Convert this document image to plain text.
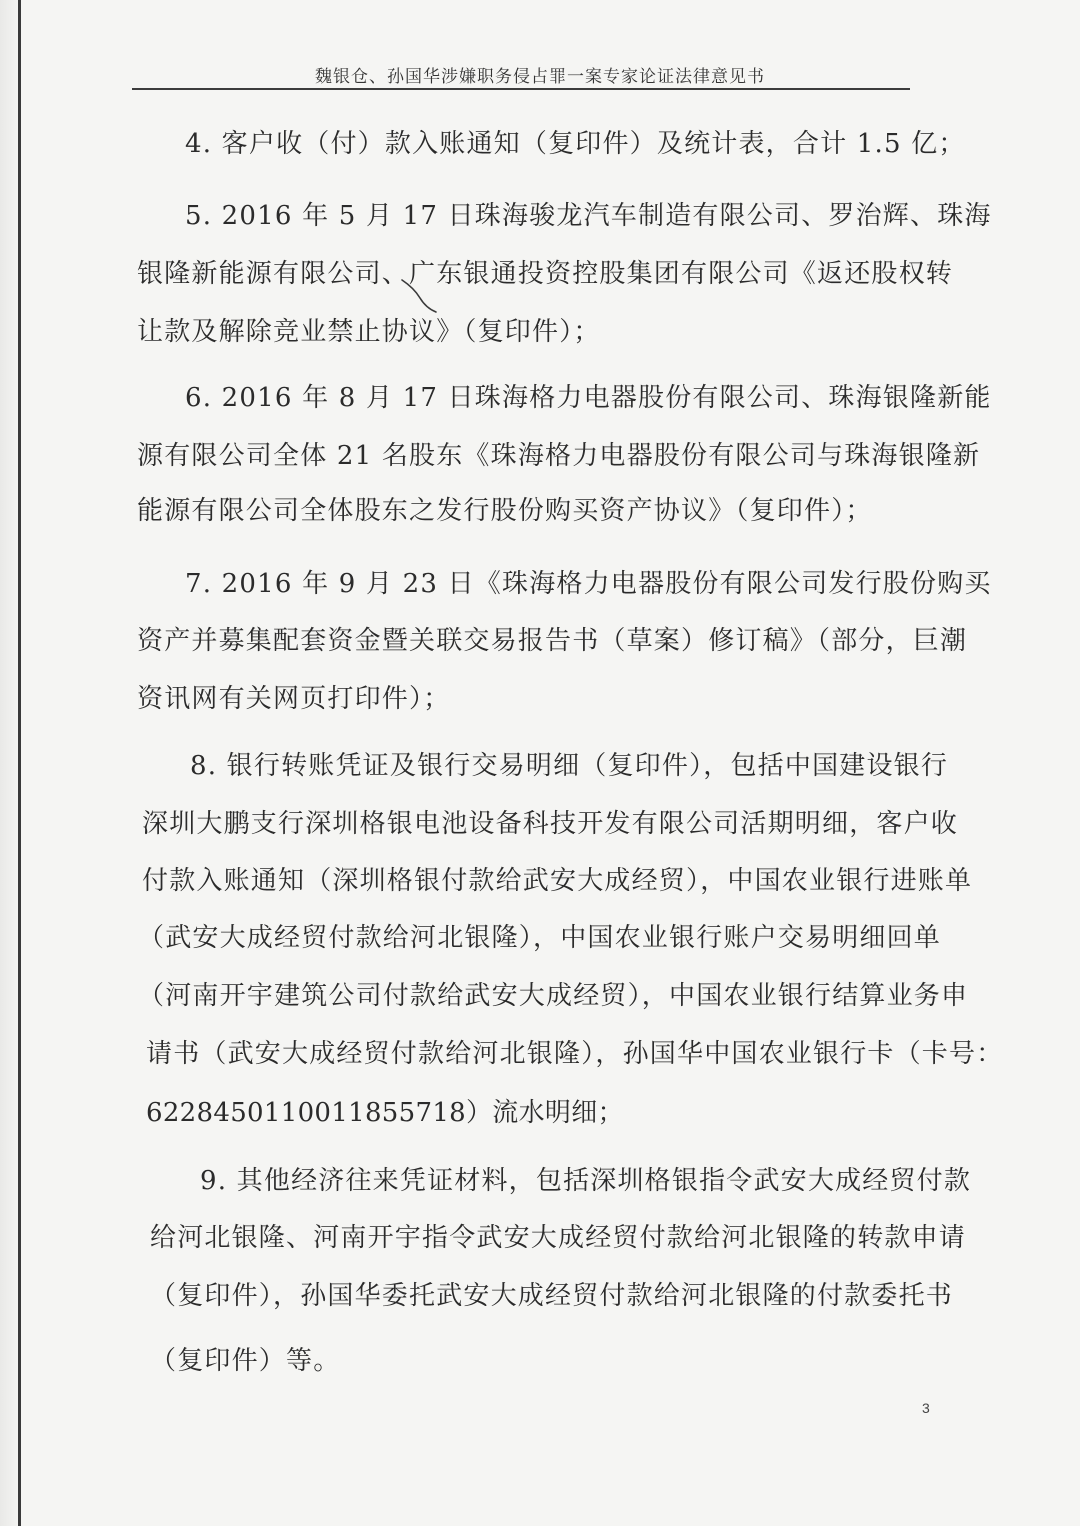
魏银仓、孙国华涉嫌职务侵占罪一案专家论证法律意见书
4. 客户收（付）款入账通知（复印件）及统计表，合计 1.5 亿；
5. 2016 年 5 月 17 日珠海骏龙汽车制造有限公司、罗治辉、珠海
银隆新能源有限公司、广东银通投资控股集团有限公司《返还股权转
让款及解除竞业禁止协议》（复印件）；
6. 2016 年 8 月 17 日珠海格力电器股份有限公司、珠海银隆新能
源有限公司全体 21 名股东《珠海格力电器股份有限公司与珠海银隆新
能源有限公司全体股东之发行股份购买资产协议》（复印件）；
7. 2016 年 9 月 23 日《珠海格力电器股份有限公司发行股份购买
资产并募集配套资金暨关联交易报告书（草案）修订稿》（部分，巨潮
资讯网有关网页打印件）；
8. 银行转账凭证及银行交易明细（复印件），包括中国建设银行
深圳大鹏支行深圳格银电池设备科技开发有限公司活期明细，客户收
付款入账通知（深圳格银付款给武安大成经贸），中国农业银行进账单
（武安大成经贸付款给河北银隆），中国农业银行账户交易明细回单
（河南开宇建筑公司付款给武安大成经贸），中国农业银行结算业务申
请书（武安大成经贸付款给河北银隆），孙国华中国农业银行卡（卡号：
6228450110011855718）流水明细；
9. 其他经济往来凭证材料，包括深圳格银指令武安大成经贸付款
给河北银隆、河南开宇指令武安大成经贸付款给河北银隆的转款申请
（复印件），孙国华委托武安大成经贸付款给河北银隆的付款委托书
（复印件）等。
3
